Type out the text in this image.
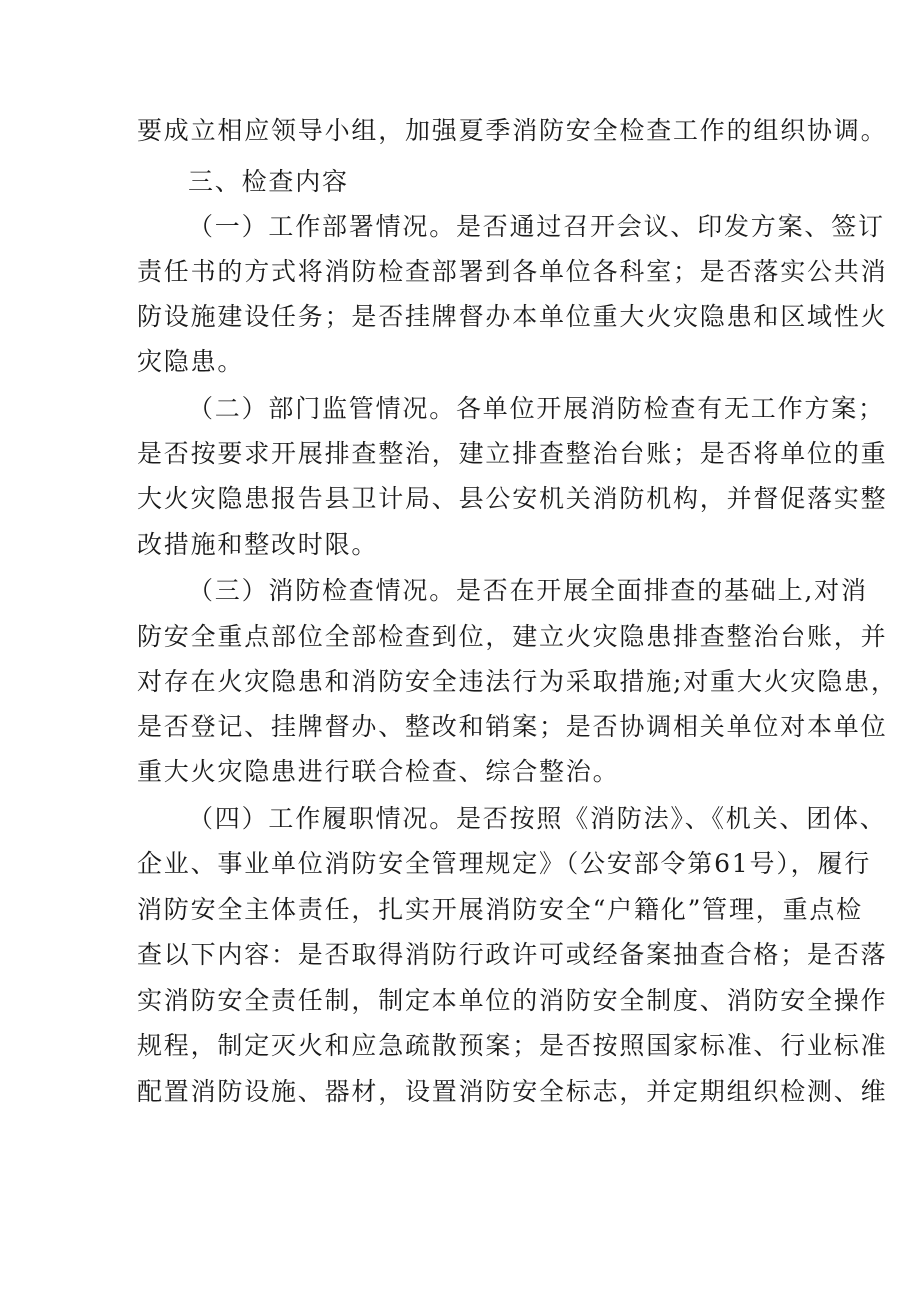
要成立相应领导小组，加强夏季消防安全检查工作的组织协调。
三、检查内容
（一）工作部署情况。是否通过召开会议、印发方案、签订
责任书的方式将消防检查部署到各单位各科室；是否落实公共消
防设施建设任务；是否挂牌督办本单位重大火灾隐患和区域性火
灾隐患。
（二）部门监管情况。各单位开展消防检查有无工作方案；
是否按要求开展排查整治，建立排查整治台账；是否将单位的重
大火灾隐患报告县卫计局、县公安机关消防机构，并督促落实整
改措施和整改时限。
（三）消防检查情况。是否在开展全面排查的基础上,对消
防安全重点部位全部检查到位，建立火灾隐患排查整治台账，并
对存在火灾隐患和消防安全违法行为采取措施;对重大火灾隐患，
是否登记、挂牌督办、整改和销案；是否协调相关单位对本单位
重大火灾隐患进行联合检查、综合整治。
（四）工作履职情况。是否按照《消防法》、《机关、团体、
企业、事业单位消防安全管理规定》（公安部令第61号），履行
消防安全主体责任，扎实开展消防安全“户籍化”管理，重点检
查以下内容：是否取得消防行政许可或经备案抽查合格；是否落
实消防安全责任制，制定本单位的消防安全制度、消防安全操作
规程，制定灭火和应急疏散预案；是否按照国家标准、行业标准
配置消防设施、器材，设置消防安全标志，并定期组织检测、维
